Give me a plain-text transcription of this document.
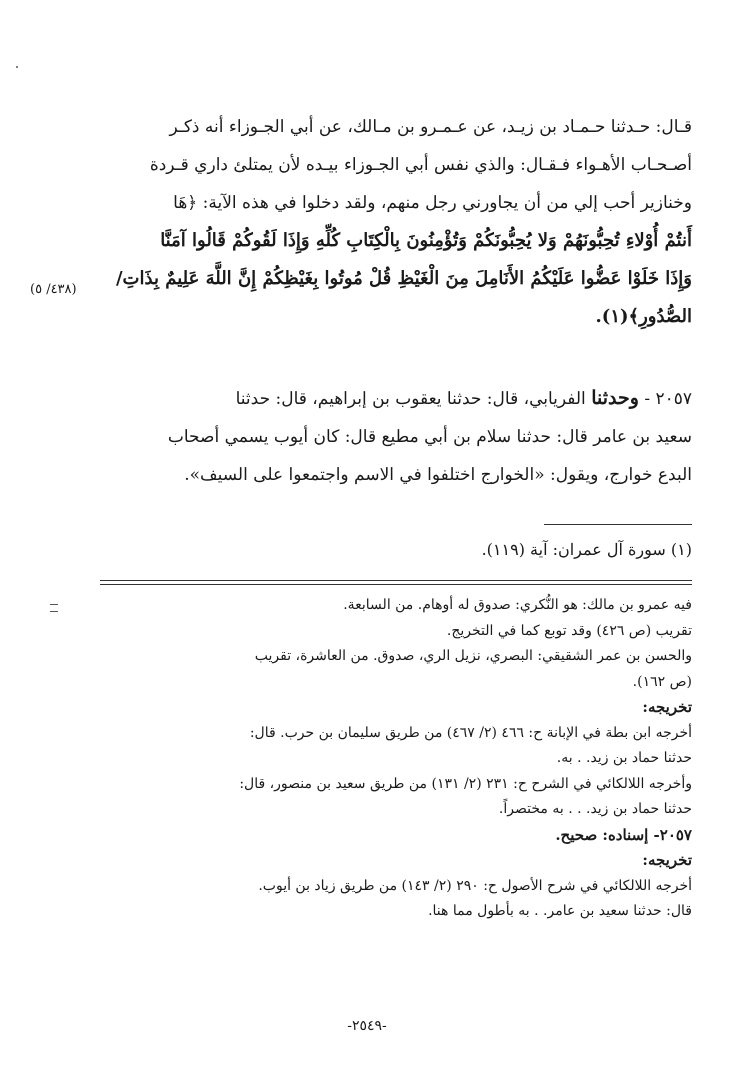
قـال: حـدثنا حـمـاد بن زيـد، عن عـمـرو بن مـالك، عن أبي الجـوزاء أنه ذكـر
أصـحـاب الأهـواء فـقـال: والذي نفس أبي الجـوزاء بيـده لأن يمتلئ داري قـردة
وخنازير أحب إلي من أن يجاورني رجل منهم، ولقد دخلوا في هذه الآية: ﴿هَا
أَنتُمْ أُوْلاءِ تُحِبُّونَهُمْ وَلا يُحِبُّونَكُمْ وَتُؤْمِنُونَ بِالْكِتَابِ كُلِّهِ وَإِذَا لَقُوكُمْ قَالُوا آمَنَّا
وَإِذَا خَلَوْا عَضُّوا عَلَيْكُمُ الأَنَامِلَ مِنَ الْغَيْظِ قُلْ مُوتُوا بِغَيْظِكُمْ إِنَّ اللَّهَ عَلِيمٌ بِذَاتِ/
الصُّدُورِ﴾(١).

(٤٣٨/ ٥)
٢٠٥٧ - وحدثنا الفريابي، قال: حدثنا يعقوب بن إبراهيم، قال: حدثنا
سعيد بن عامر قال: حدثنا سلام بن أبي مطيع قال: كان أيوب يسمي أصحاب
البدع خوارج، ويقول: «الخوارج اختلفوا في الاسم واجتمعوا على السيف».
(١) سورة آل عمران: آية (١١٩).
فيه عمرو بن مالك: هو النُّكري: صدوق له أوهام. من السابعة.
تقريب (ص ٤٢٦) وقد توبع كما في التخريج.
والحسن بن عمر الشقيقي: البصري، نزيل الري، صدوق. من العاشرة، تقريب
(ص ١٦٢).
تخريجه:
أخرجه ابن بطة في الإبانة ح: ٤٦٦ (٢/ ٤٦٧) من طريق سليمان بن حرب. قال:
حدثنا حماد بن زيد. . به.
وأخرجه اللالكائي في الشرح ح: ٢٣١ (٢/ ١٣١) من طريق سعيد بن منصور، قال:
حدثنا حماد بن زيد. . . به مختصراً.
٢٠٥٧- إسناده: صحيح.
تخريجه:
أخرجه اللالكائي في شرح الأصول ح: ٢٩٠ (٢/ ١٤٣) من طريق زياد بن أيوب.
قال: حدثنا سعيد بن عامر. . به بأطول مما هنا.
-٢٥٤٩-
